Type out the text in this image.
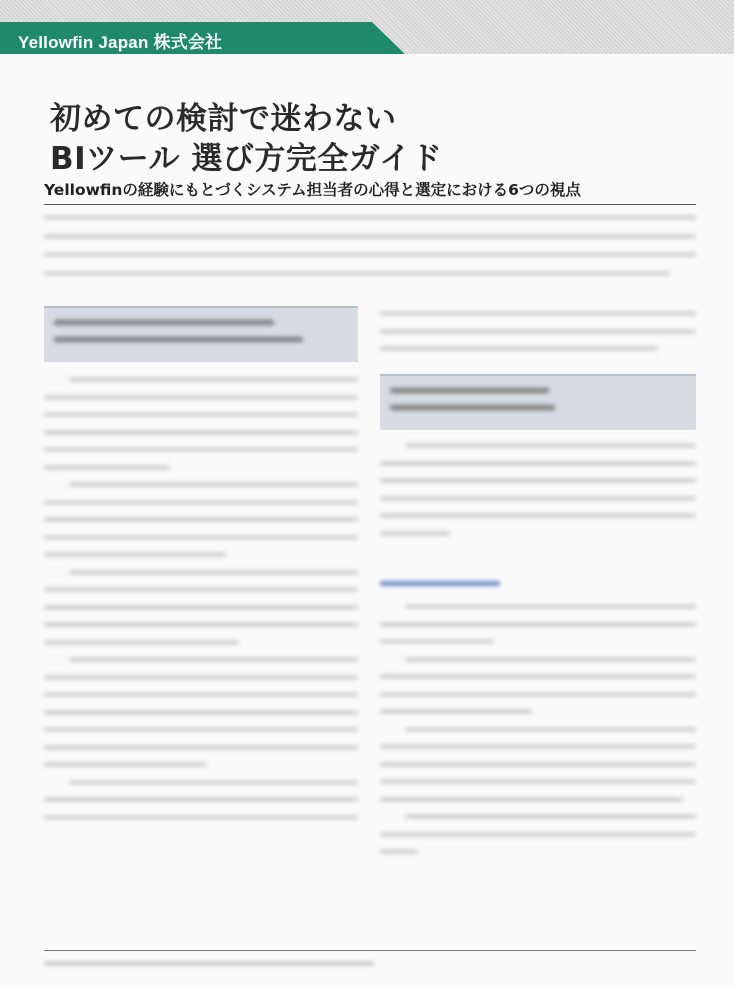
Yellowfin Japan 株式会社
初めての検討で迷わない
BIツール 選び方完全ガイド
Yellowfinの経験にもとづくシステム担当者の心得と選定における6つの視点
